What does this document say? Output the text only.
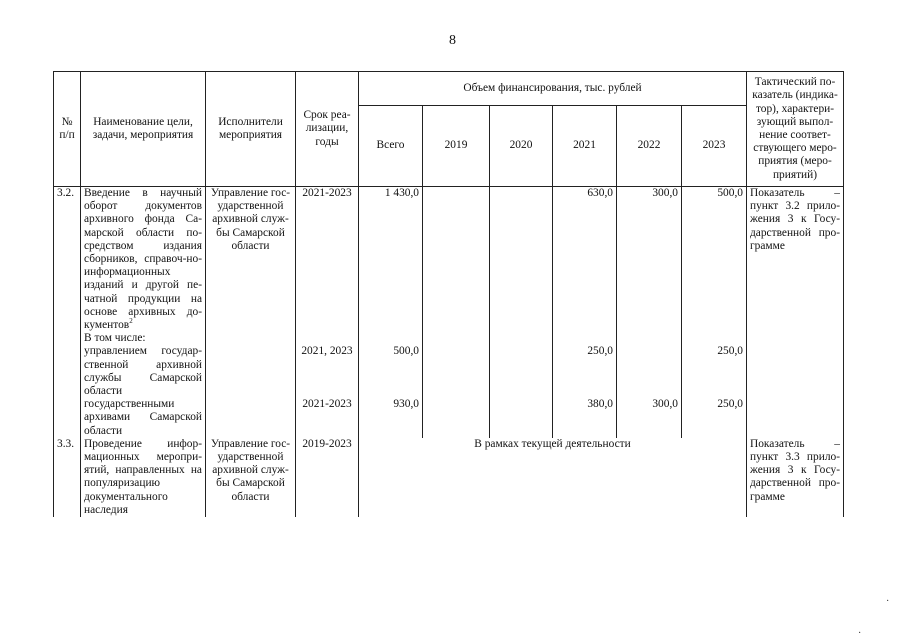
8
№ п/п	Наименование цели, задачи, мероприятия	Исполнители мероприятия	Срок реа-лизации, годы	Объем финансирования, тыс. рублей						Тактический по-казатель (индика-тор), характери-зующий выпол-нение соответ-ствующего меро-приятия (меро-приятий)
				Всего	2019	2020	2021	2022	2023	
3.2.	Введение в научный оборот документов архивного фонда Са-марской области по-средством издания сборников, справоч-но-информационных изданий и другой пе-чатной продукции на основе архивных до-кументов$^2$	Управление гос-ударственной архивной служ-бы Самарской области	2021-2023	1 430,0			630,0	300,0	500,0	Показатель – пункт 3.2 прило-жения 3 к Госу-дарственной про-грамме
	В том числе:									
	управлением государ-ственной архивной службы Самарской области		2021, 2023	500,0			250,0		250,0	
	государственными архивами Самарской области		2021-2023	930,0			380,0	300,0	250,0	
3.3.	Проведение инфор-мационных меропри-ятий, направленных на популяризацию документального наследия	Управление гос-ударственной архивной служ-бы Самарской области	2019-2023	В рамках текущей деятельности						Показатель – пункт 3.3 прило-жения 3 к Госу-дарственной про-грамме
·
·
